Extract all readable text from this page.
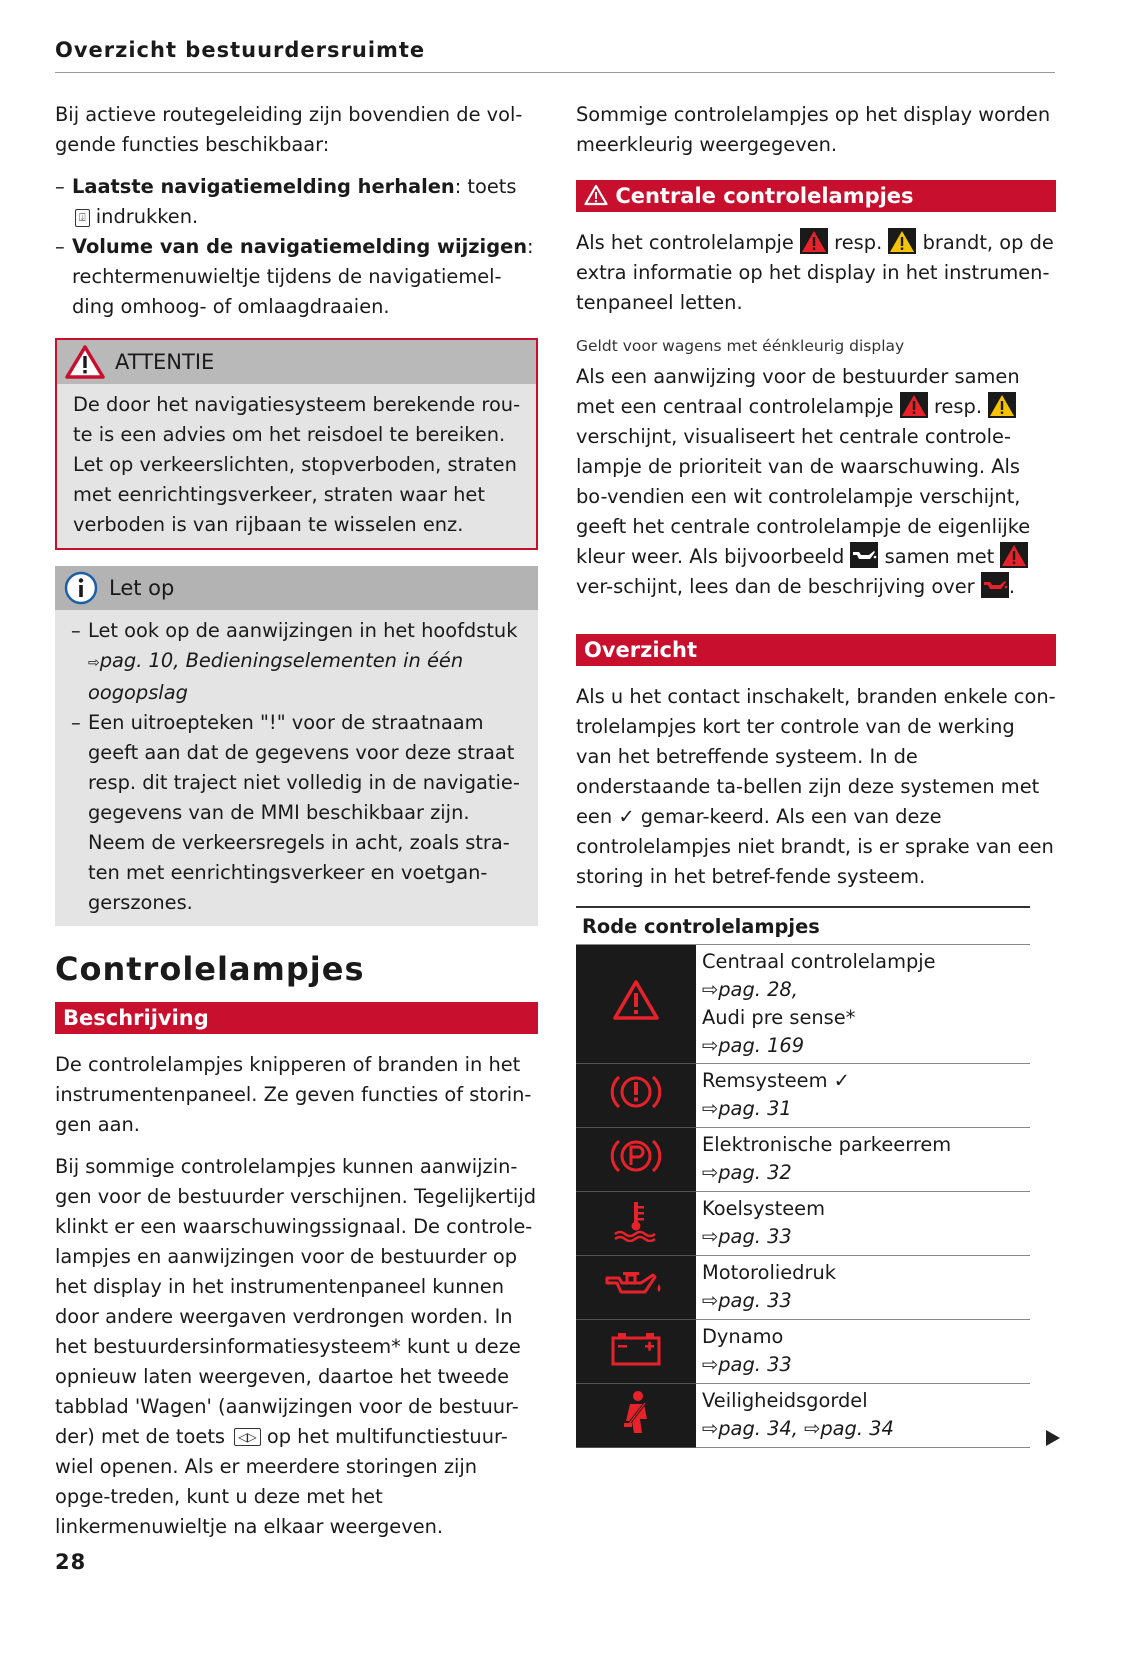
Overzicht bestuurdersruimte

Bij actieve routegeleiding zijn bovendien de vol-gende functies beschikbaar:

– Laatste navigatiemelding herhalen: toets ⍗ indrukken.

– Volume van de navigatiemelding wijzigen: rechtermenuwieltje tijdens de navigatiemel-ding omhoog- of omlaagdraaien.

ATTENTIE
De door het navigatiesysteem berekende rou-te is een advies om het reisdoel te bereiken. Let op verkeerslichten, stopverboden, straten met eenrichtingsverkeer, straten waar het verboden is van rijbaan te wisselen enz.
Let op

– Let ook op de aanwijzingen in het hoofdstuk ⇨pag. 10, Bedieningselementen in één oogopslag

– Een uitroepteken "!" voor de straatnaam geeft aan dat de gegevens voor deze straat resp. dit traject niet volledig in de navigatie-gegevens van de MMI beschikbaar zijn. Neem de verkeersregels in acht, zoals stra-ten met eenrichtingsverkeer en voetgan-gerszones.

Controlelampjes
Beschrijving

De controlelampjes knipperen of branden in het instrumentenpaneel. Ze geven functies of storin-gen aan.

Bij sommige controlelampjes kunnen aanwijzin-gen voor de bestuurder verschijnen. Tegelijkertijd klinkt er een waarschuwingssignaal. De controle-lampjes en aanwijzingen voor de bestuurder op het display in het instrumentenpaneel kunnen door andere weergaven verdrongen worden. In het bestuurdersinformatiesysteem* kunt u deze opnieuw laten weergeven, daartoe het tweede tabblad 'Wagen' (aanwijzingen voor de bestuur-der) met de toets ◁▷ op het multifunctiestuur-wiel openen. Als er meerdere storingen zijn opge-treden, kunt u deze met het linkermenuwieltje na elkaar weergeven.

Sommige controlelampjes op het display worden meerkleurig weergegeven.

Centrale controlelampjes

Als het controlelampje  resp.  brandt, op de extra informatie op het display in het instrumen-tenpaneel letten.

Geldt voor wagens met éénkleurig display

Als een aanwijzing voor de bestuurder samen met een centraal controlelampje  resp.  verschijnt, visualiseert het centrale controle-lampje de prioriteit van de waarschuwing. Als bo-vendien een wit controlelampje verschijnt, geeft het centrale controlelampje de eigenlijke kleur weer. Als bijvoorbeeld  samen met  ver-schijnt, lees dan de beschrijving over .

Overzicht

Als u het contact inschakelt, branden enkele con-trolelampjes kort ter controle van de werking van het betreffende systeem. In de onderstaande ta-bellen zijn deze systemen met een ✓ gemar-keerd. Als een van deze controlelampjes niet brandt, is er sprake van een storing in het betref-fende systeem.

Rode controlelampjes	

Centraal controlelampje
⇨pag. 28,
Audi pre sense*
⇨pag. 169

Remsysteem ✓
⇨pag. 31

Elektronische parkeerrem
⇨pag. 32

Koelsysteem
⇨pag. 33

Motoroliedruk
⇨pag. 33

Dynamo
⇨pag. 33

Veiligheidsgordel
⇨pag. 34, ⇨pag. 34
28
